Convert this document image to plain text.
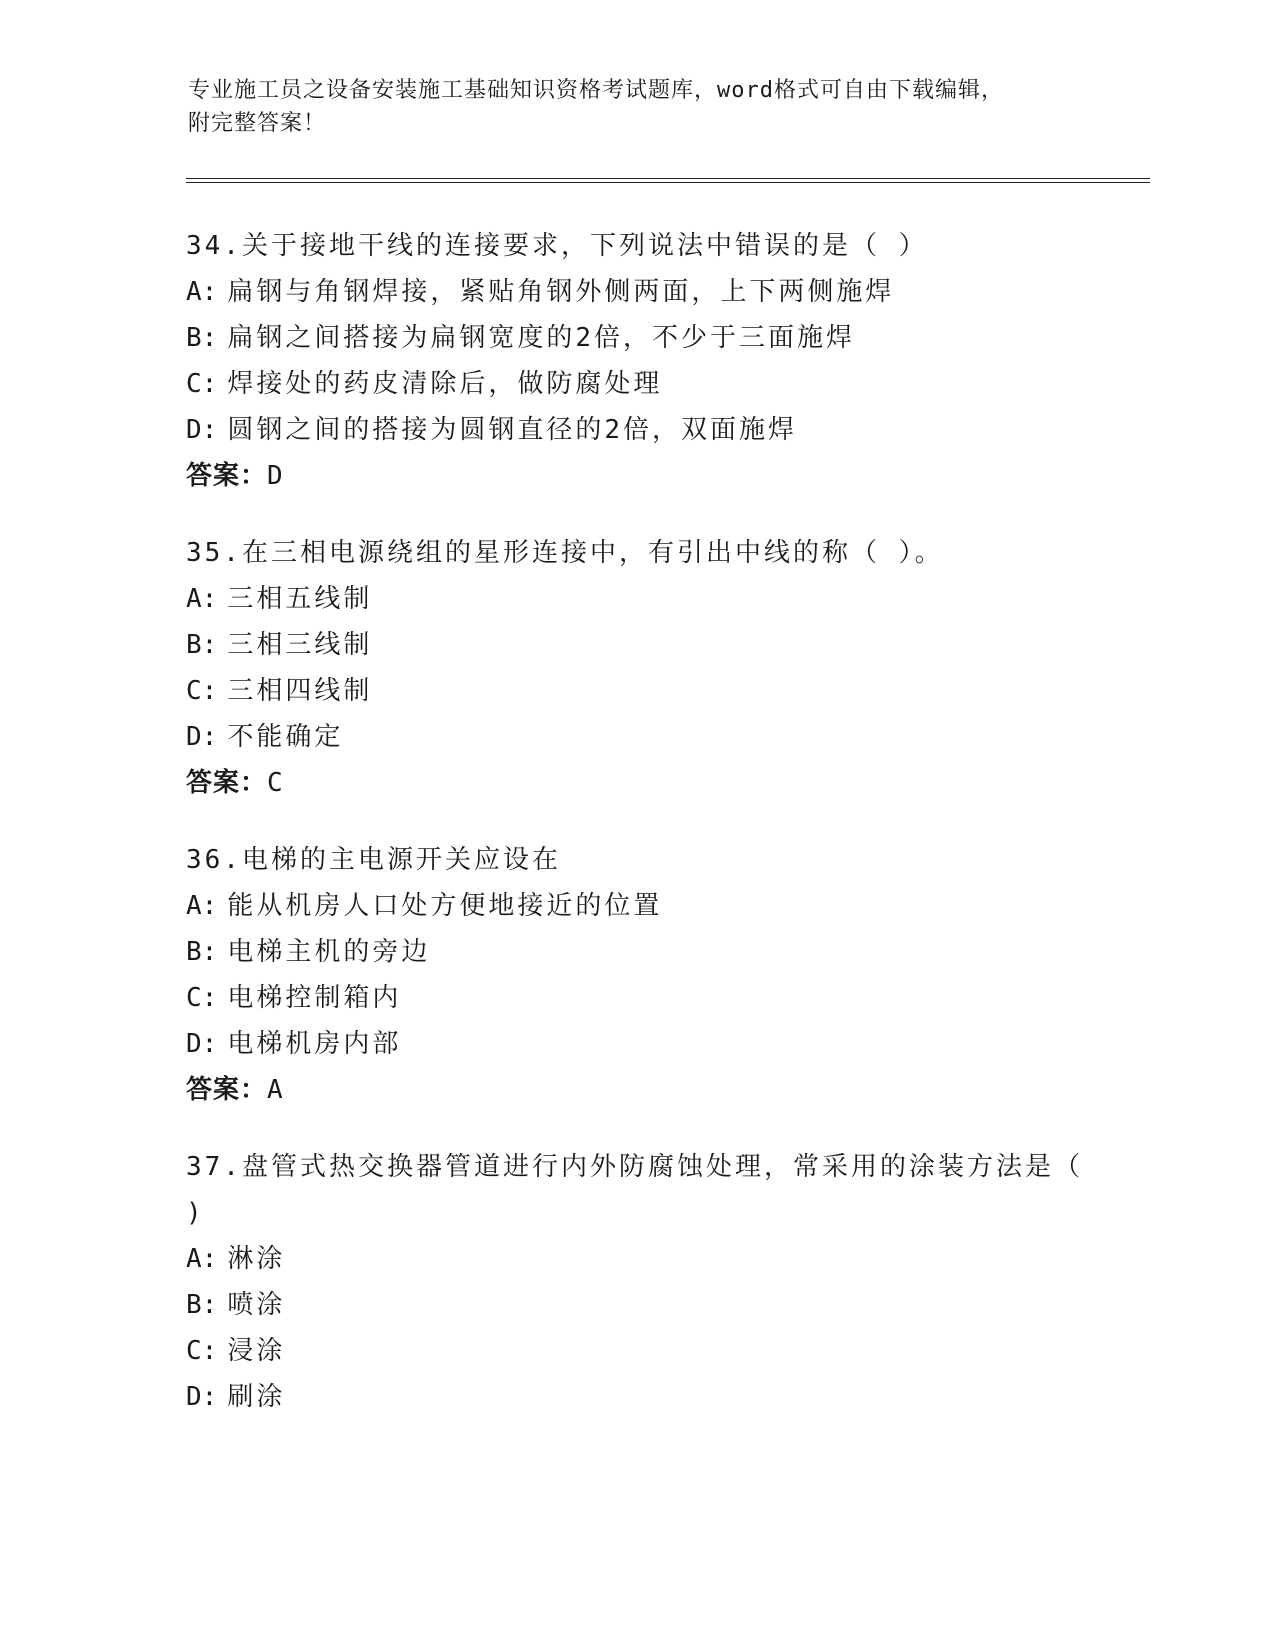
专业施工员之设备安装施工基础知识资格考试题库，word格式可自由下载编辑，
附完整答案！
34.关于接地干线的连接要求，下列说法中错误的是（ ）
A: 扁钢与角钢焊接，紧贴角钢外侧两面，上下两侧施焊
B: 扁钢之间搭接为扁钢宽度的2倍，不少于三面施焊
C: 焊接处的药皮清除后，做防腐处理
D: 圆钢之间的搭接为圆钢直径的2倍，双面施焊
答案：D
35.在三相电源绕组的星形连接中，有引出中线的称（ ）。
A: 三相五线制
B: 三相三线制
C: 三相四线制
D: 不能确定
答案：C
36.电梯的主电源开关应设在
A: 能从机房人口处方便地接近的位置
B: 电梯主机的旁边
C: 电梯控制箱内
D: 电梯机房内部
答案：A
37.盘管式热交换器管道进行内外防腐蚀处理，常采用的涂装方法是（
)
A: 淋涂
B: 喷涂
C: 浸涂
D: 刷涂
